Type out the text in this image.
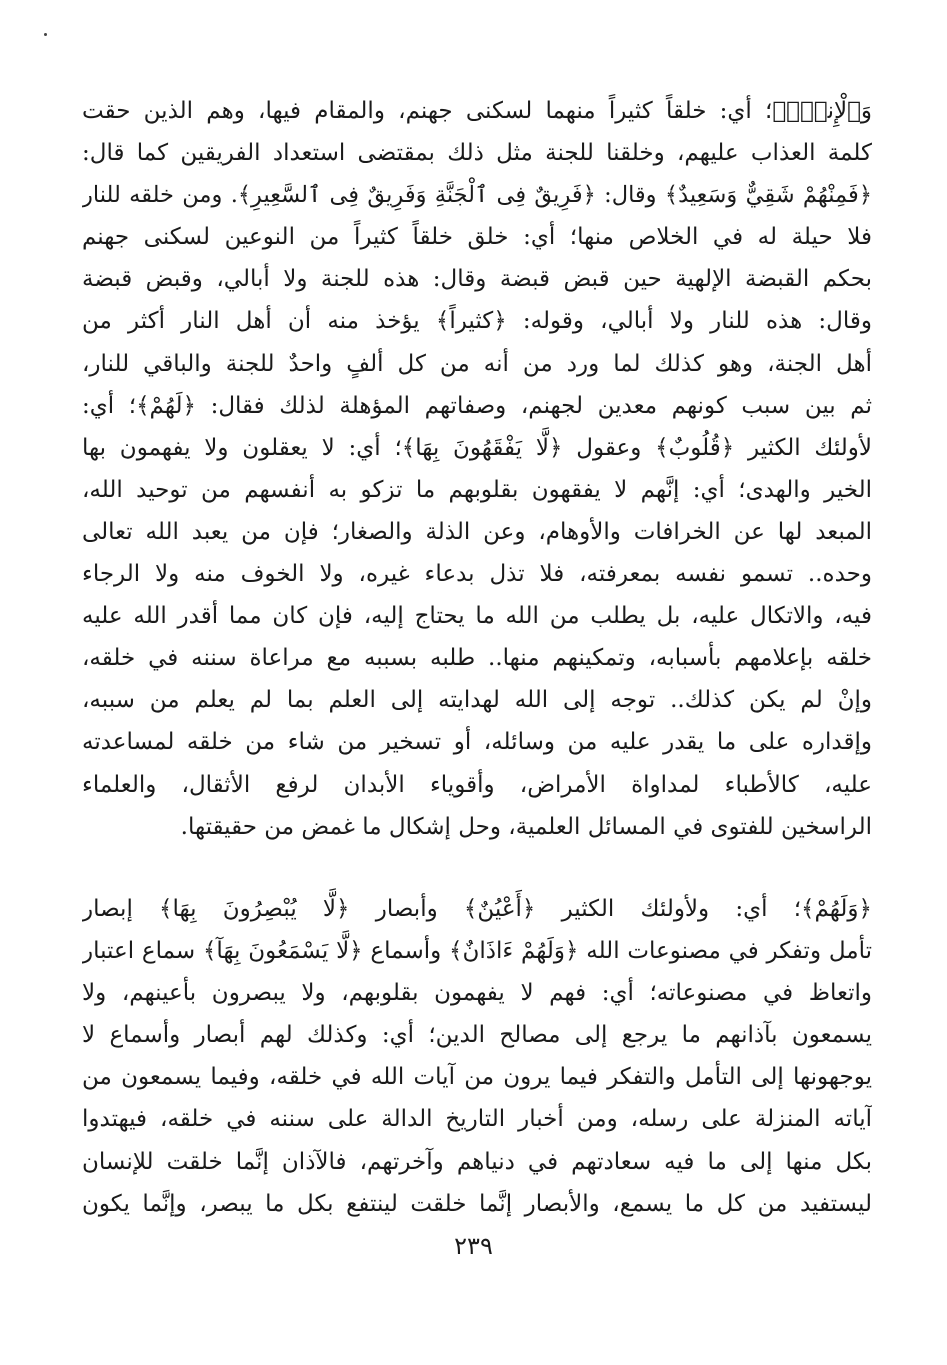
وَٱلْإِنسِۖ﴾؛ أي: خلقاً كثيراً منهما لسكنى جهنم، والمقام فيها، وهم الذين حقت
كلمة العذاب عليهم، وخلقنا للجنة مثل ذلك بمقتضى استعداد الفريقين كما قال:
﴿فَمِنْهُمْ شَقِيٌّ وَسَعِيدٌ﴾ وقال: ﴿فَرِيقٌ فِى ٱلْجَنَّةِ وَفَرِيقٌ فِى ٱلسَّعِيرِ﴾. ومن خلقه للنار
فلا حيلة له في الخلاص منها؛ أي: خلق خلقاً كثيراً من النوعين لسكنى جهنم
بحكم القبضة الإلهية حين قبض قبضة وقال: هذه للجنة ولا أبالي، وقبض قبضة
وقال: هذه للنار ولا أبالي، وقوله: ﴿كثيراً﴾ يؤخذ منه أن أهل النار أكثر من
أهل الجنة، وهو كذلك لما ورد من أنه من كل ألفٍ واحدٌ للجنة والباقي للنار،
ثم بين سبب كونهم معدين لجهنم، وصفاتهم المؤهلة لذلك فقال: ﴿لَهُمْ﴾؛ أي:
لأولئك الكثير ﴿قُلُوبٌ﴾ وعقول ﴿لَّا يَفْقَهُونَ بِهَا﴾؛ أي: لا يعقلون ولا يفهمون بها
الخير والهدى؛ أي: إنَّهم لا يفقهون بقلوبهم ما تزكو به أنفسهم من توحيد الله،
المبعد لها عن الخرافات والأوهام، وعن الذلة والصغار؛ فإن من يعبد الله تعالى
وحده.. تسمو نفسه بمعرفته، فلا تذل بدعاء غيره، ولا الخوف منه ولا الرجاء
فيه، والاتكال عليه، بل يطلب من الله ما يحتاج إليه، فإن كان مما أقدر الله عليه
خلقه بإعلامهم بأسبابه، وتمكينهم منها.. طلبه بسببه مع مراعاة سننه في خلقه،
وإنْ لم يكن كذلك.. توجه إلى الله لهدايته إلى العلم بما لم يعلم من سببه،
وإقداره على ما يقدر عليه من وسائله، أو تسخير من شاء من خلقه لمساعدته
عليه، كالأطباء لمداواة الأمراض، وأقوياء الأبدان لرفع الأثقال، والعلماء
الراسخين للفتوى في المسائل العلمية، وحل إشكال ما غمض من حقيقتها.
﴿وَلَهُمْ﴾؛ أي: ولأولئك الكثير ﴿أَعْيُنٌ﴾ وأبصار ﴿لَّا يُبْصِرُونَ بِهَا﴾ إبصار
تأمل وتفكر في مصنوعات الله ﴿وَلَهُمْ ءَاذَانٌ﴾ وأسماع ﴿لَّا يَسْمَعُونَ بِهَآ﴾ سماع اعتبار
واتعاظ في مصنوعاته؛ أي: فهم لا يفهمون بقلوبهم، ولا يبصرون بأعينهم، ولا
يسمعون بآذانهم ما يرجع إلى مصالح الدين؛ أي: وكذلك لهم أبصار وأسماع لا
يوجهونها إلى التأمل والتفكر فيما يرون من آيات الله في خلقه، وفيما يسمعون من
آياته المنزلة على رسله، ومن أخبار التاريخ الدالة على سننه في خلقه، فيهتدوا
بكل منها إلى ما فيه سعادتهم في دنياهم وآخرتهم، فالآذان إنَّما خلقت للإنسان
ليستفيد من كل ما يسمع، والأبصار إنَّما خلقت لينتفع بكل ما يبصر، وإنَّما يكون
٢٣٩
